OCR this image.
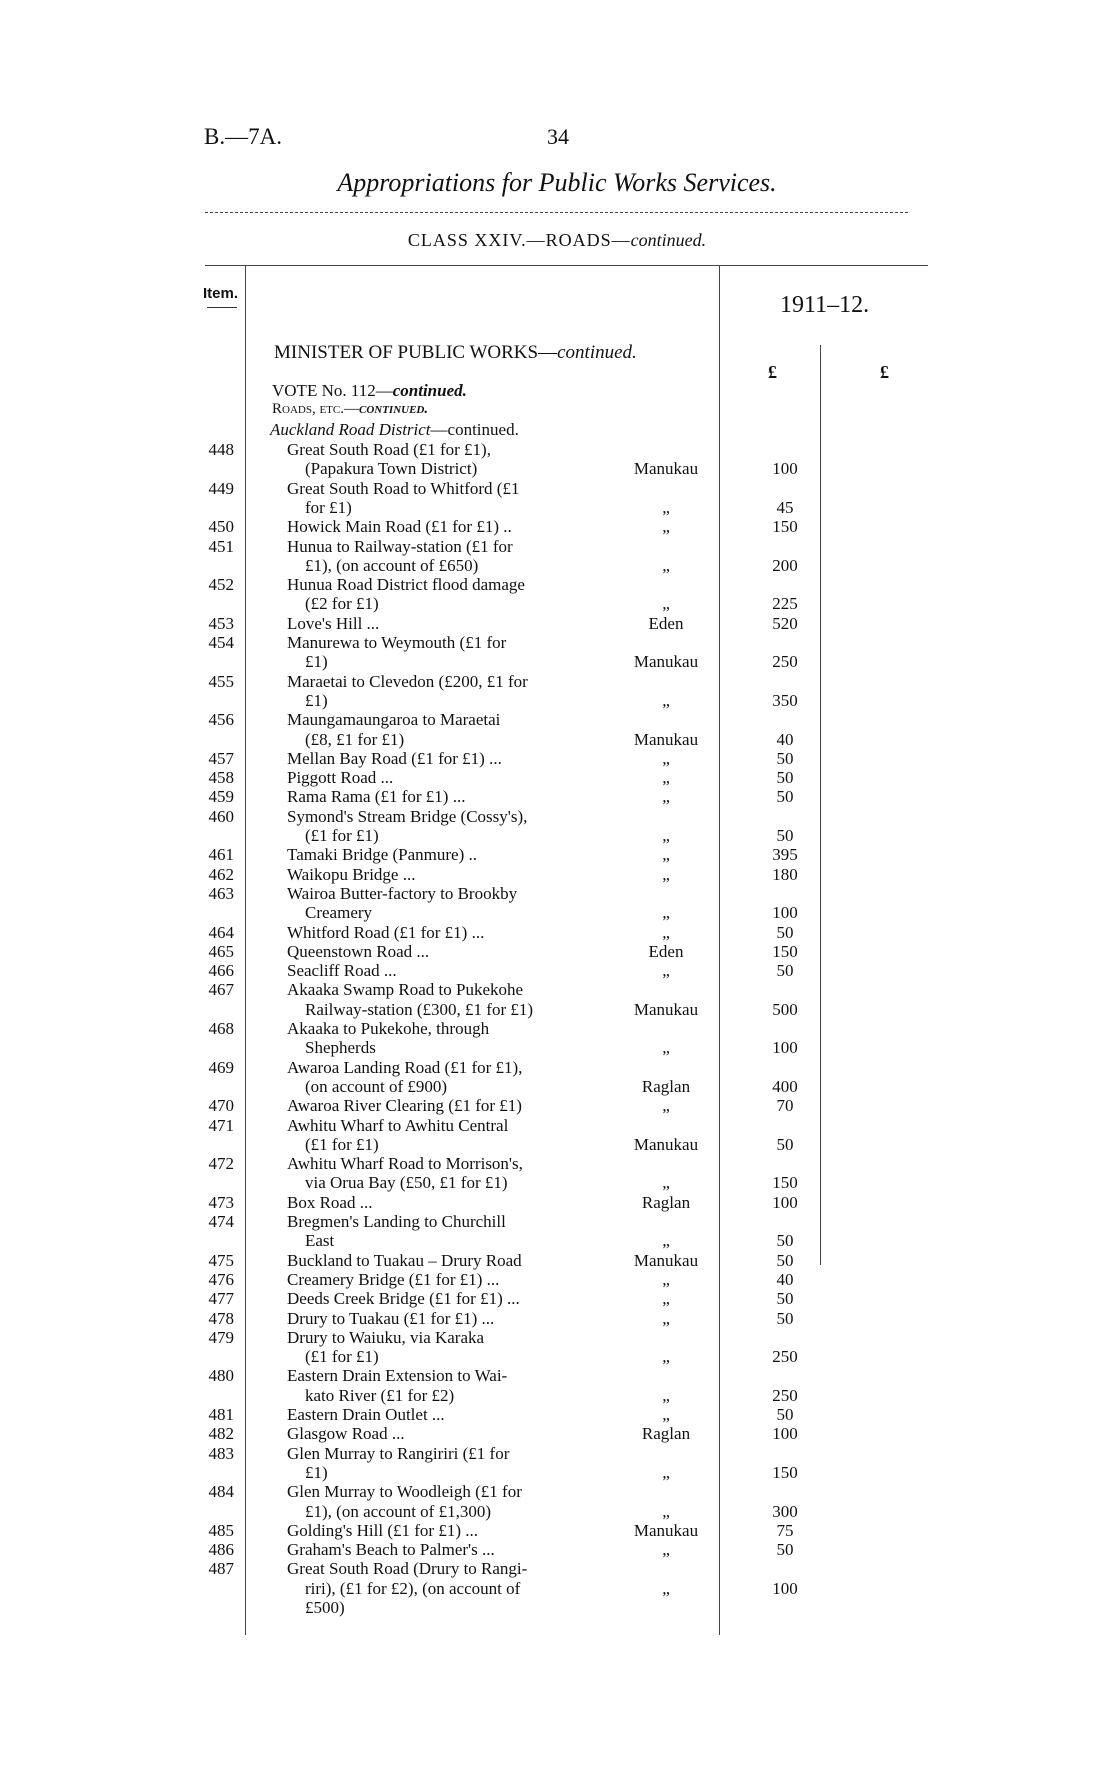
B.—7A.	34
Appropriations for Public Works Services.
CLASS XXIV.—ROADS—continued.
Item.	1911–12.
£	£
MINISTER OF PUBLIC WORKS—continued.
VOTE No. 112—continued.
Roads, etc.—continued.
Auckland Road District—continued.
448	Great South Road (£1 for £1),
(Papakura Town District)	Manukau	100
449	Great South Road to Whitford (£1
for £1)	„	45
450	Howick Main Road (£1 for £1) ..	„	150
451	Hunua to Railway-station (£1 for
£1), (on account of £650)	„	200
452	Hunua Road District flood damage
(£2 for £1)	„	225
453	Love's Hill ...	Eden	520
454	Manurewa to Weymouth (£1 for
£1)	Manukau	250
455	Maraetai to Clevedon (£200, £1 for
£1)	„	350
456	Maungamaungaroa to Maraetai
(£8, £1 for £1)	Manukau	40
457	Mellan Bay Road (£1 for £1) ...	„	50
458	Piggott Road ...	„	50
459	Rama Rama (£1 for £1) ...	„	50
460	Symond's Stream Bridge (Cossy's),
(£1 for £1)	„	50
461	Tamaki Bridge (Panmure) ..	„	395
462	Waikopu Bridge ...	„	180
463	Wairoa Butter-factory to Brookby
Creamery	„	100
464	Whitford Road (£1 for £1) ...	„	50
465	Queenstown Road ...	Eden	150
466	Seacliff Road ...	„	50
467	Akaaka Swamp Road to Pukekohe
Railway-station (£300, £1 for £1)	Manukau	500
468	Akaaka to Pukekohe, through
Shepherds	„	100
469	Awaroa Landing Road (£1 for £1),
(on account of £900)	Raglan	400
470	Awaroa River Clearing (£1 for £1)	„	70
471	Awhitu Wharf to Awhitu Central
(£1 for £1)	Manukau	50
472	Awhitu Wharf Road to Morrison's,
via Orua Bay (£50, £1 for £1)	„	150
473	Box Road ...	Raglan	100
474	Bregmen's Landing to Churchill
East	„	50
475	Buckland to Tuakau – Drury Road	Manukau	50
476	Creamery Bridge (£1 for £1) ...	„	40
477	Deeds Creek Bridge (£1 for £1) ...	„	50
478	Drury to Tuakau (£1 for £1) ...	„	50
479	Drury to Waiuku, via Karaka
(£1 for £1)	„	250
480	Eastern Drain Extension to Wai-
kato River (£1 for £2)	„	250
481	Eastern Drain Outlet ...	„	50
482	Glasgow Road ...	Raglan	100
483	Glen Murray to Rangiriri (£1 for
£1)	„	150
484	Glen Murray to Woodleigh (£1 for
£1), (on account of £1,300)	„	300
485	Golding's Hill (£1 for £1) ...	Manukau	75
486	Graham's Beach to Palmer's ...	„	50
487	Great South Road (Drury to Rangi-
riri), (£1 for £2), (on account of	„	100
£500)
